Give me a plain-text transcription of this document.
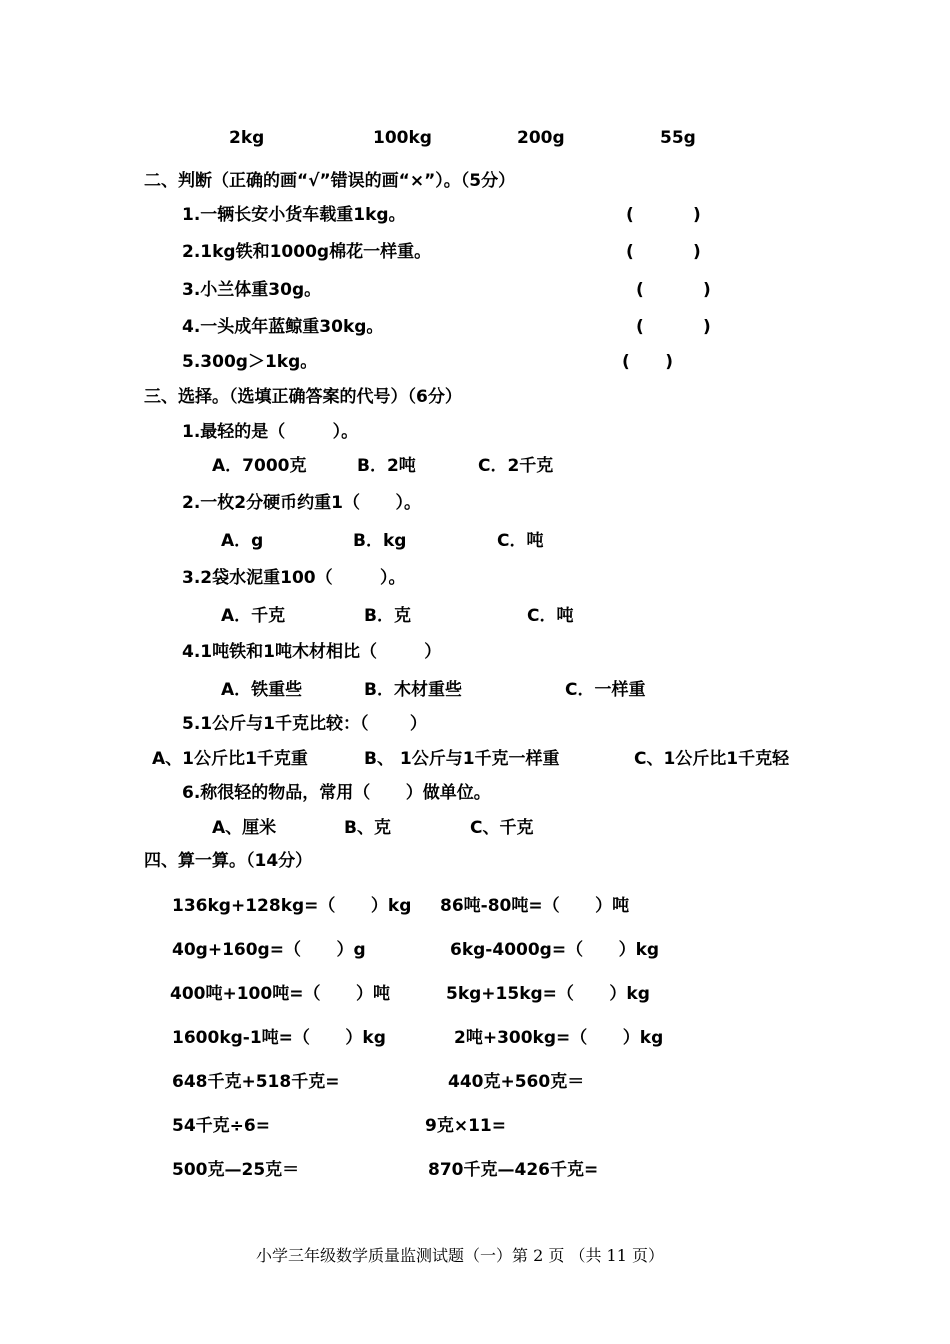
2kg	100kg	200g	55g
二、判断（正确的画“√”错误的画“×”）。（5分）
1.一辆长安小货车载重1kg。	(          )
2.1kg铁和1000g棉花一样重。	(          )
3.小兰体重30g。	(          )
4.一头成年蓝鲸重30kg。	(          )
5.300g＞1kg。	(      )
三、选择。（选填正确答案的代号）（6分）
1.最轻的是（        ）。
A．7000克	B．2吨	C．2千克
2.一枚2分硬币约重1（      ）。
A．g	B．kg	C．吨
3.2袋水泥重100（        ）。
A．千克	B．克	C．吨
4.1吨铁和1吨木材相比（        ）
A．铁重些	B．木材重些	C．一样重
5.1公斤与1千克比较：（       ）
A、1公斤比1千克重	B、 1公斤与1千克一样重	C、1公斤比1千克轻
6.称很轻的物品，常用（      ）做单位。
A、厘米	B、克	C、千克
四、算一算。（14分）
136kg+128kg=（      ）kg 86吨-80吨=（      ）吨
40g+160g=（      ）g	6kg-4000g=（      ）kg
400吨+100吨=（      ）吨	5kg+15kg=（      ）kg
1600kg-1吨=（      ）kg	2吨+300kg=（      ）kg
648千克+518千克=	440克+560克＝
54千克÷6=	9克×11=
500克—25克＝	870千克—426千克=
小学三年级数学质量监测试题（一）第 2 页 （共 11 页）
